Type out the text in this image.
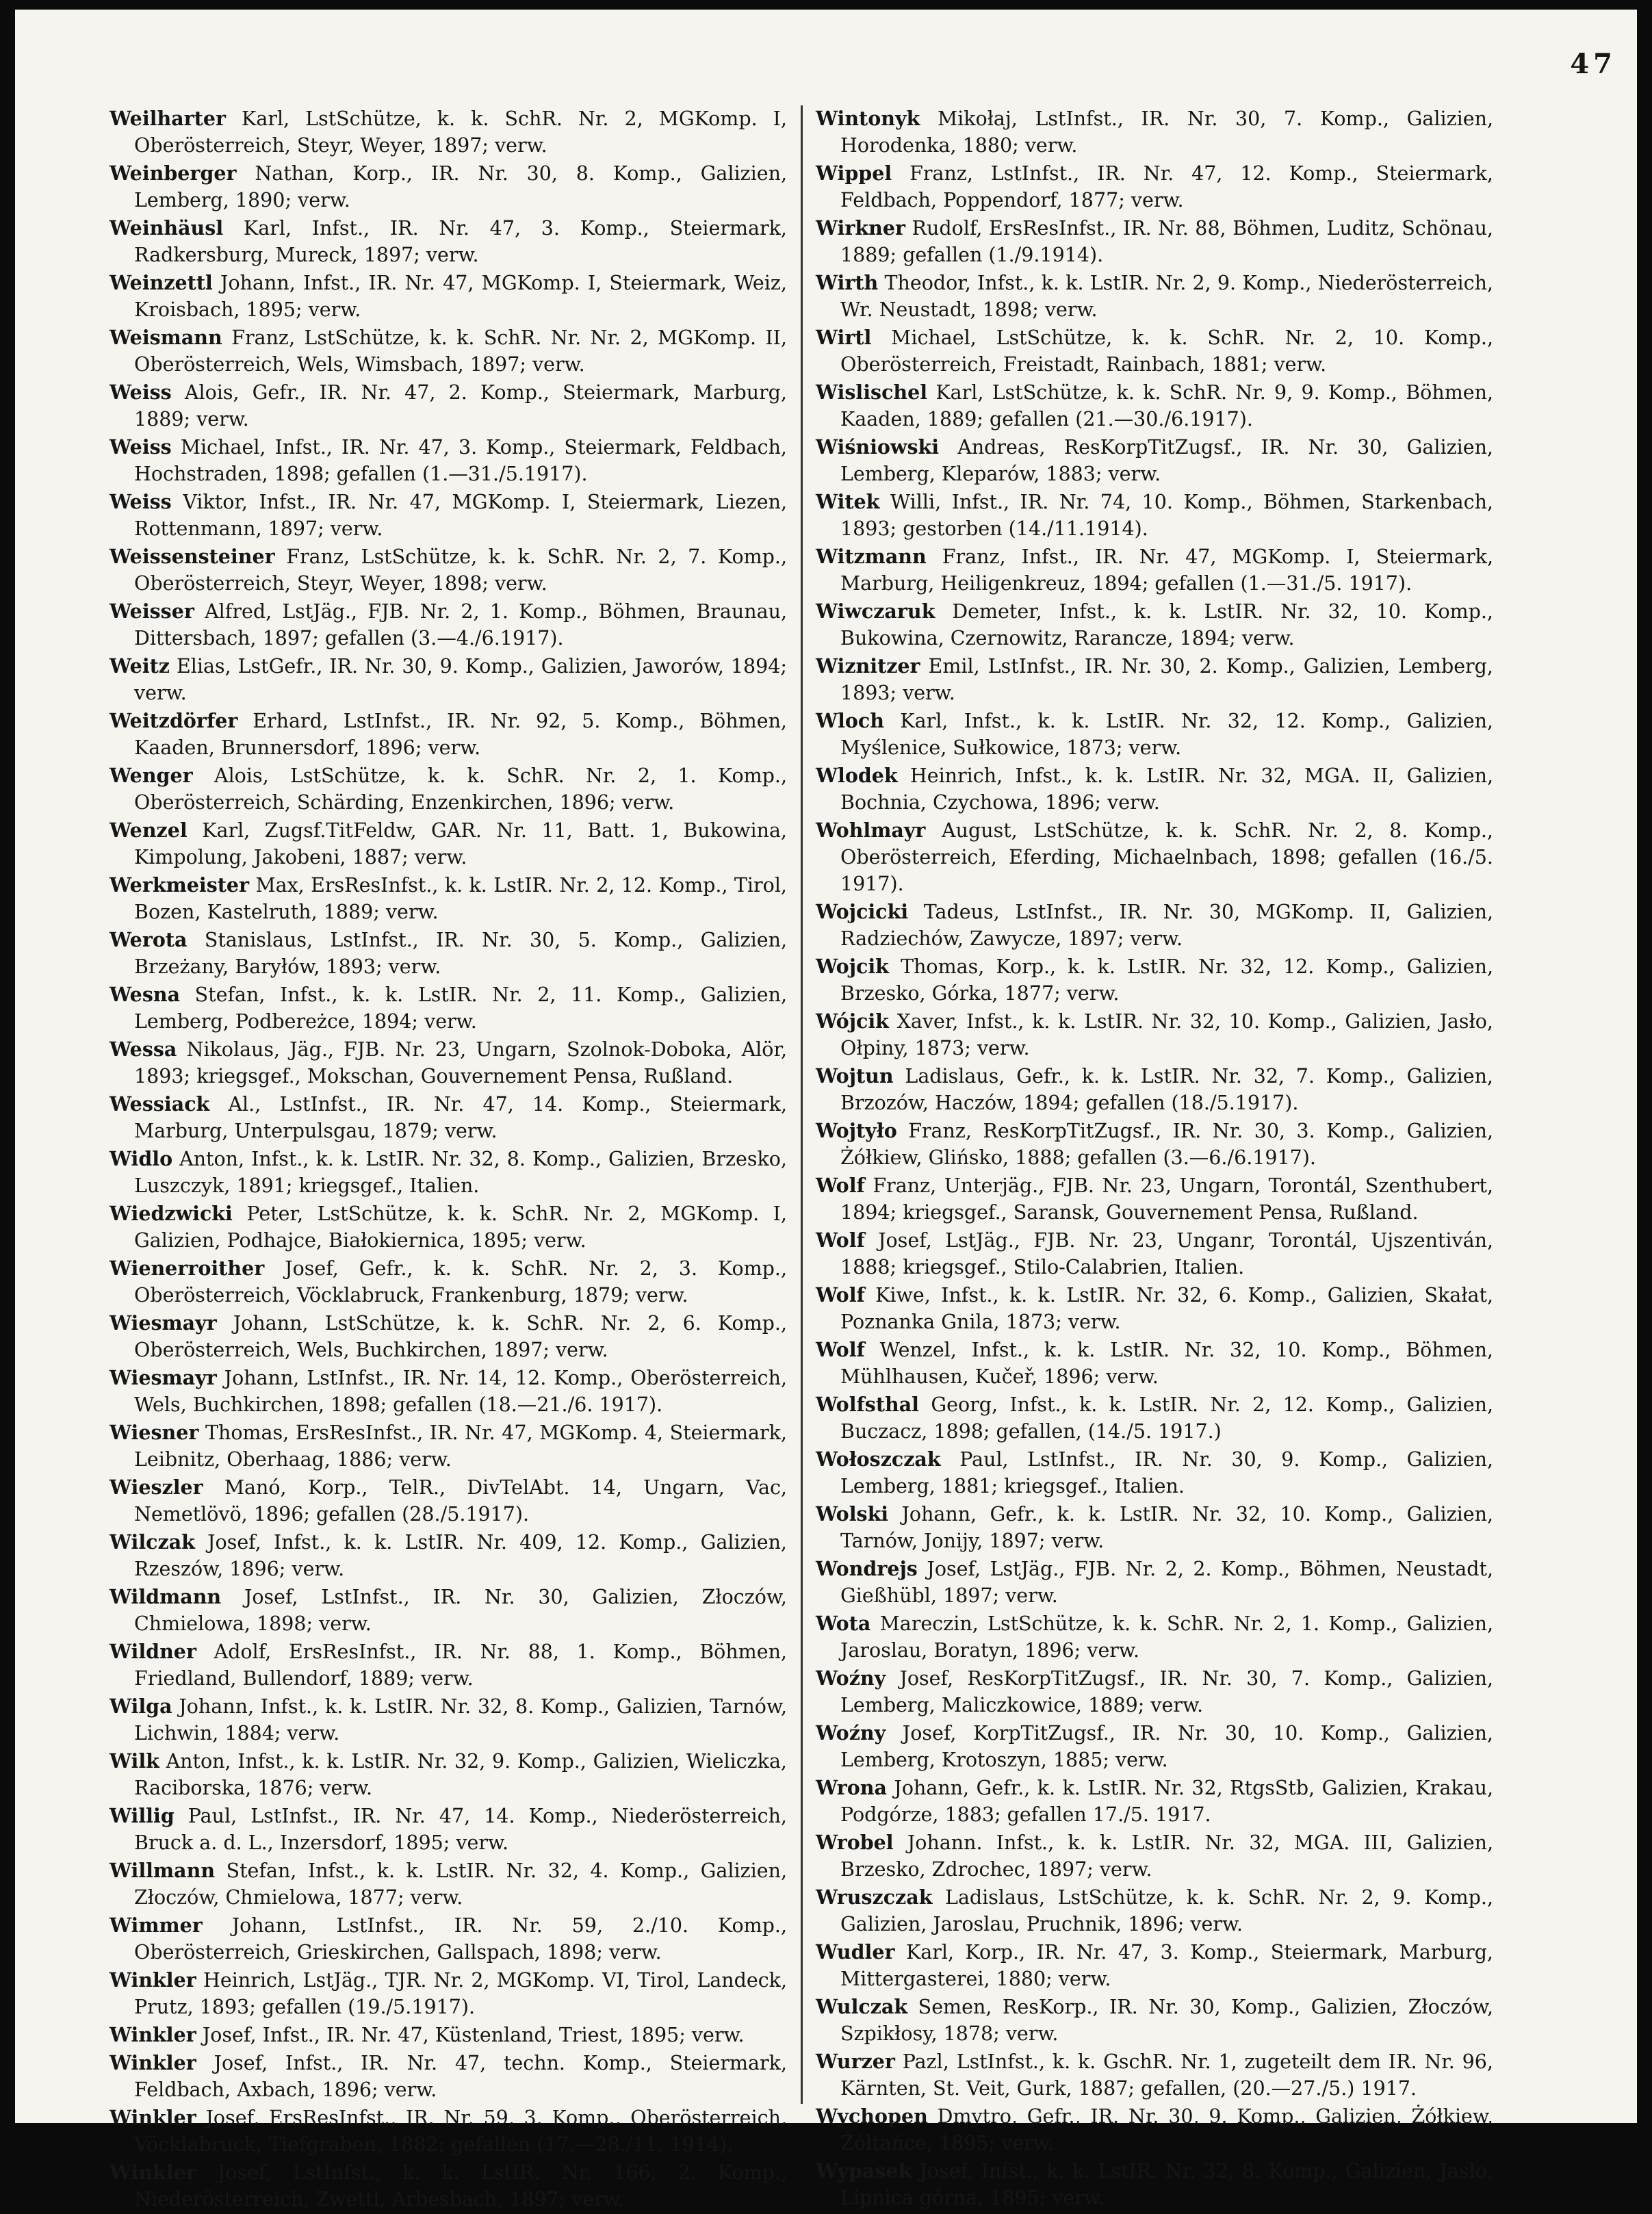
47

Weilharter Karl, LstSchütze, k. k. SchR. Nr. 2, MGKomp. I, Oberösterreich, Steyr, Weyer, 1897; verw.

Weinberger Nathan, Korp., IR. Nr. 30, 8. Komp., Galizien, Lemberg, 1890; verw.

Weinhäusl Karl, Infst., IR. Nr. 47, 3. Komp., Steiermark, Radkersburg, Mureck, 1897; verw.

Weinzettl Johann, Infst., IR. Nr. 47, MGKomp. I, Steiermark, Weiz, Kroisbach, 1895; verw.

Weismann Franz, LstSchütze, k. k. SchR. Nr. Nr. 2, MGKomp. II, Oberösterreich, Wels, Wimsbach, 1897; verw.

Weiss Alois, Gefr., IR. Nr. 47, 2. Komp., Steiermark, Marburg, 1889; verw.

Weiss Michael, Infst., IR. Nr. 47, 3. Komp., Steiermark, Feldbach, Hochstraden, 1898; gefallen (1.—31./5.1917).

Weiss Viktor, Infst., IR. Nr. 47, MGKomp. I, Steiermark, Liezen, Rottenmann, 1897; verw.

Weissensteiner Franz, LstSchütze, k. k. SchR. Nr. 2, 7. Komp., Oberösterreich, Steyr, Weyer, 1898; verw.

Weisser Alfred, LstJäg., FJB. Nr. 2, 1. Komp., Böhmen, Braunau, Dittersbach, 1897; gefallen (3.—4./6.1917).

Weitz Elias, LstGefr., IR. Nr. 30, 9. Komp., Galizien, Jaworów, 1894; verw.

Weitzdörfer Erhard, LstInfst., IR. Nr. 92, 5. Komp., Böhmen, Kaaden, Brunnersdorf, 1896; verw.

Wenger Alois, LstSchütze, k. k. SchR. Nr. 2, 1. Komp., Oberösterreich, Schärding, Enzenkirchen, 1896; verw.

Wenzel Karl, Zugsf.TitFeldw, GAR. Nr. 11, Batt. 1, Bukowina, Kimpolung, Jakobeni, 1887; verw.

Werkmeister Max, ErsResInfst., k. k. LstIR. Nr. 2, 12. Komp., Tirol, Bozen, Kastelruth, 1889; verw.

Werota Stanislaus, LstInfst., IR. Nr. 30, 5. Komp., Galizien, Brzeżany, Baryłów, 1893; verw.

Wesna Stefan, Infst., k. k. LstIR. Nr. 2, 11. Komp., Galizien, Lemberg, Podbereżce, 1894; verw.

Wessa Nikolaus, Jäg., FJB. Nr. 23, Ungarn, Szolnok-Doboka, Alör, 1893; kriegsgef., Mokschan, Gouvernement Pensa, Rußland.

Wessiack Al., LstInfst., IR. Nr. 47, 14. Komp., Steiermark, Marburg, Unterpulsgau, 1879; verw.

Widlo Anton, Infst., k. k. LstIR. Nr. 32, 8. Komp., Galizien, Brzesko, Luszczyk, 1891; kriegsgef., Italien.

Wiedzwicki Peter, LstSchütze, k. k. SchR. Nr. 2, MGKomp. I, Galizien, Podhajce, Białokiernica, 1895; verw.

Wienerroither Josef, Gefr., k. k. SchR. Nr. 2, 3. Komp., Oberösterreich, Vöcklabruck, Frankenburg, 1879; verw.

Wiesmayr Johann, LstSchütze, k. k. SchR. Nr. 2, 6. Komp., Oberösterreich, Wels, Buchkirchen, 1897; verw.

Wiesmayr Johann, LstInfst., IR. Nr. 14, 12. Komp., Oberösterreich, Wels, Buchkirchen, 1898; gefallen (18.—21./6. 1917).

Wiesner Thomas, ErsResInfst., IR. Nr. 47, MGKomp. 4, Steiermark, Leibnitz, Oberhaag, 1886; verw.

Wieszler Manó, Korp., TelR., DivTelAbt. 14, Ungarn, Vac, Nemetlövö, 1896; gefallen (28./5.1917).

Wilczak Josef, Infst., k. k. LstIR. Nr. 409, 12. Komp., Galizien, Rzeszów, 1896; verw.

Wildmann Josef, LstInfst., IR. Nr. 30, Galizien, Złoczów, Chmielowa, 1898; verw.

Wildner Adolf, ErsResInfst., IR. Nr. 88, 1. Komp., Böhmen, Friedland, Bullendorf, 1889; verw.

Wilga Johann, Infst., k. k. LstIR. Nr. 32, 8. Komp., Galizien, Tarnów, Lichwin, 1884; verw.

Wilk Anton, Infst., k. k. LstIR. Nr. 32, 9. Komp., Galizien, Wieliczka, Raciborska, 1876; verw.

Willig Paul, LstInfst., IR. Nr. 47, 14. Komp., Niederösterreich, Bruck a. d. L., Inzersdorf, 1895; verw.

Willmann Stefan, Infst., k. k. LstIR. Nr. 32, 4. Komp., Galizien, Złoczów, Chmielowa, 1877; verw.

Wimmer Johann, LstInfst., IR. Nr. 59, 2./10. Komp., Oberösterreich, Grieskirchen, Gallspach, 1898; verw.

Winkler Heinrich, LstJäg., TJR. Nr. 2, MGKomp. VI, Tirol, Landeck, Prutz, 1893; gefallen (19./5.1917).

Winkler Josef, Infst., IR. Nr. 47, Küstenland, Triest, 1895; verw.

Winkler Josef, Infst., IR. Nr. 47, techn. Komp., Steiermark, Feldbach, Axbach, 1896; verw.

Winkler Josef, ErsResInfst., IR. Nr. 59, 3. Komp., Oberösterreich, Vöcklabruck, Tiefgraben, 1882; gefallen (17.—28./11. 1914).

Winkler Josef, LstInfst., k. k. LstIR. Nr. 166, 2. Komp., Niederösterreich, Zwettl, Arbesbach, 1897; verw.

Wintonyk Mikołaj, LstInfst., IR. Nr. 30, 7. Komp., Galizien, Horodenka, 1880; verw.

Wippel Franz, LstInfst., IR. Nr. 47, 12. Komp., Steiermark, Feldbach, Poppendorf, 1877; verw.

Wirkner Rudolf, ErsResInfst., IR. Nr. 88, Böhmen, Luditz, Schönau, 1889; gefallen (1./9.1914).

Wirth Theodor, Infst., k. k. LstIR. Nr. 2, 9. Komp., Niederösterreich, Wr. Neustadt, 1898; verw.

Wirtl Michael, LstSchütze, k. k. SchR. Nr. 2, 10. Komp., Oberösterreich, Freistadt, Rainbach, 1881; verw.

Wislischel Karl, LstSchütze, k. k. SchR. Nr. 9, 9. Komp., Böhmen, Kaaden, 1889; gefallen (21.—30./6.1917).

Wiśniowski Andreas, ResKorpTitZugsf., IR. Nr. 30, Galizien, Lemberg, Kleparów, 1883; verw.

Witek Willi, Infst., IR. Nr. 74, 10. Komp., Böhmen, Starkenbach, 1893; gestorben (14./11.1914).

Witzmann Franz, Infst., IR. Nr. 47, MGKomp. I, Steiermark, Marburg, Heiligenkreuz, 1894; gefallen (1.—31./5. 1917).

Wiwczaruk Demeter, Infst., k. k. LstIR. Nr. 32, 10. Komp., Bukowina, Czernowitz, Rarancze, 1894; verw.

Wiznitzer Emil, LstInfst., IR. Nr. 30, 2. Komp., Galizien, Lemberg, 1893; verw.

Wloch Karl, Infst., k. k. LstIR. Nr. 32, 12. Komp., Galizien, Myślenice, Sułkowice, 1873; verw.

Wlodek Heinrich, Infst., k. k. LstIR. Nr. 32, MGA. II, Galizien, Bochnia, Czychowa, 1896; verw.

Wohlmayr August, LstSchütze, k. k. SchR. Nr. 2, 8. Komp., Oberösterreich, Eferding, Michaelnbach, 1898; gefallen (16./5. 1917).

Wojcicki Tadeus, LstInfst., IR. Nr. 30, MGKomp. II, Galizien, Radziechów, Zawycze, 1897; verw.

Wojcik Thomas, Korp., k. k. LstIR. Nr. 32, 12. Komp., Galizien, Brzesko, Górka, 1877; verw.

Wójcik Xaver, Infst., k. k. LstIR. Nr. 32, 10. Komp., Galizien, Jasło, Ołpiny, 1873; verw.

Wojtun Ladislaus, Gefr., k. k. LstIR. Nr. 32, 7. Komp., Galizien, Brzozów, Haczów, 1894; gefallen (18./5.1917).

Wojtyło Franz, ResKorpTitZugsf., IR. Nr. 30, 3. Komp., Galizien, Żółkiew, Glińsko, 1888; gefallen (3.—6./6.1917).

Wolf Franz, Unterjäg., FJB. Nr. 23, Ungarn, Torontál, Szenthubert, 1894; kriegsgef., Saransk, Gouvernement Pensa, Rußland.

Wolf Josef, LstJäg., FJB. Nr. 23, Unganr, Torontál, Ujszentiván, 1888; kriegsgef., Stilo-Calabrien, Italien.

Wolf Kiwe, Infst., k. k. LstIR. Nr. 32, 6. Komp., Galizien, Skałat, Poznanka Gnila, 1873; verw.

Wolf Wenzel, Infst., k. k. LstIR. Nr. 32, 10. Komp., Böhmen, Mühlhausen, Kučeř, 1896; verw.

Wolfsthal Georg, Infst., k. k. LstIR. Nr. 2, 12. Komp., Galizien, Buczacz, 1898; gefallen, (14./5. 1917.)

Wołoszczak Paul, LstInfst., IR. Nr. 30, 9. Komp., Galizien, Lemberg, 1881; kriegsgef., Italien.

Wolski Johann, Gefr., k. k. LstIR. Nr. 32, 10. Komp., Galizien, Tarnów, Jonijy, 1897; verw.

Wondrejs Josef, LstJäg., FJB. Nr. 2, 2. Komp., Böhmen, Neustadt, Gießhübl, 1897; verw.

Wota Mareczin, LstSchütze, k. k. SchR. Nr. 2, 1. Komp., Galizien, Jaroslau, Boratyn, 1896; verw.

Woźny Josef, ResKorpTitZugsf., IR. Nr. 30, 7. Komp., Galizien, Lemberg, Maliczkowice, 1889; verw.

Woźny Josef, KorpTitZugsf., IR. Nr. 30, 10. Komp., Galizien, Lemberg, Krotoszyn, 1885; verw.

Wrona Johann, Gefr., k. k. LstIR. Nr. 32, RtgsStb, Galizien, Krakau, Podgórze, 1883; gefallen 17./5. 1917.

Wrobel Johann. Infst., k. k. LstIR. Nr. 32, MGA. III, Galizien, Brzesko, Zdrochec, 1897; verw.

Wruszczak Ladislaus, LstSchütze, k. k. SchR. Nr. 2, 9. Komp., Galizien, Jaroslau, Pruchnik, 1896; verw.

Wudler Karl, Korp., IR. Nr. 47, 3. Komp., Steiermark, Marburg, Mittergasterei, 1880; verw.

Wulczak Semen, ResKorp., IR. Nr. 30, Komp., Galizien, Złoczów, Szpikłosy, 1878; verw.

Wurzer Pazl, LstInfst., k. k. GschR. Nr. 1, zugeteilt dem IR. Nr. 96, Kärnten, St. Veit, Gurk, 1887; gefallen, (20.—27./5.) 1917.

Wychopen Dmytro, Gefr., IR. Nr. 30, 9. Komp., Galizien, Żółkiew, Żółtańce, 1895; verw.

Wypasek Josef, Infst., k. k. LstIR. Nr. 32, 8. Komp., Galizien, Jasło, Lipnica górna, 1895; verw.
